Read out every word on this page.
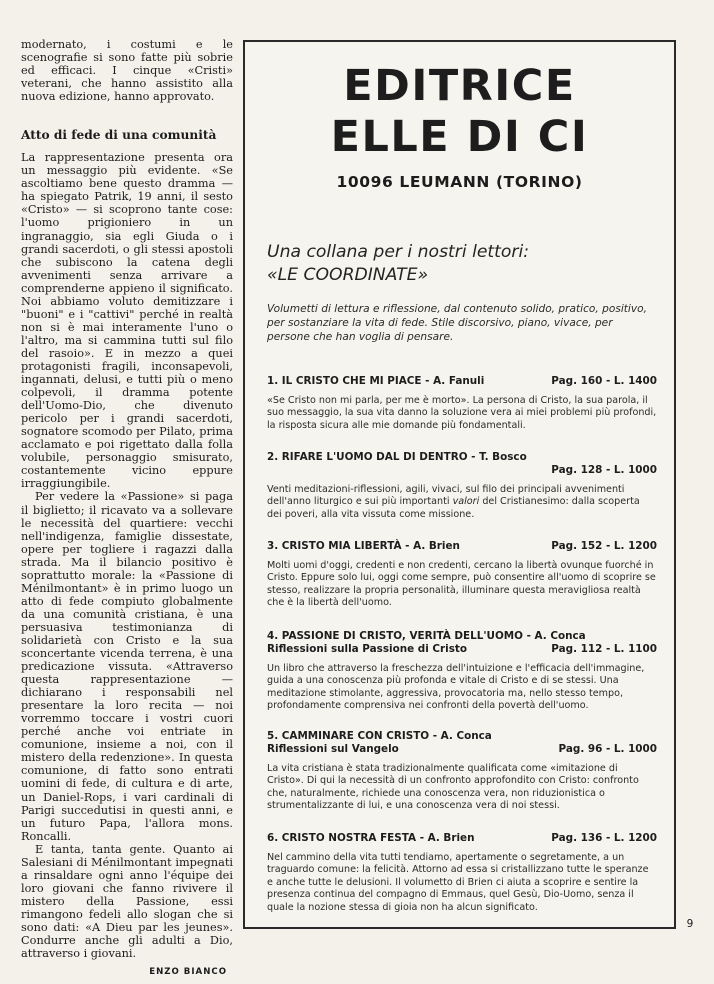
modernato, i costumi e le scenografie si sono fatte più sobrie ed efficaci. I cinque «Cristi» veterani, che hanno assistito alla nuova edizione, hanno approvato.

Atto di fede di una comunità

La rappresentazione presenta ora un messaggio più evidente. «Se ascoltiamo bene questo dramma — ha spiegato Patrik, 19 anni, il sesto «Cristo» — si scoprono tante cose: l'uomo prigioniero in un ingranaggio, sia egli Giuda o i grandi sacerdoti, o gli stessi apostoli che subiscono la catena degli avvenimenti senza arrivare a comprenderne appieno il significato. Noi abbiamo voluto demitizzare i "buoni" e i "cattivi" perché in realtà non si è mai interamente l'uno o l'altro, ma si cammina tutti sul filo del rasoio». E in mezzo a quei protagonisti fragili, inconsapevoli, ingannati, delusi, e tutti più o meno colpevoli, il dramma potente dell'Uomo-Dio, che divenuto pericolo per i grandi sacerdoti, sognatore scomodo per Pilato, prima acclamato e poi rigettato dalla folla volubile, personaggio smisurato, costantemente vicino eppure irraggiungibile.

Per vedere la «Passione» si paga il biglietto; il ricavato va a sollevare le necessità del quartiere: vecchi nell'indigenza, famiglie dissestate, opere per togliere i ragazzi dalla strada. Ma il bilancio positivo è soprattutto morale: la «Passione di Ménilmontant» è in primo luogo un atto di fede compiuto globalmente da una comunità cristiana, è una persuasiva testimonianza di solidarietà con Cristo e la sua sconcertante vicenda terrena, è una predicazione vissuta. «Attraverso questa rappresentazione — dichiarano i responsabili nel presentare la loro recita — noi vorremmo toccare i vostri cuori perché anche voi entriate in comunione, insieme a noi, con il mistero della redenzione». In questa comunione, di fatto sono entrati uomini di fede, di cultura e di arte, un Daniel-Rops, i vari cardinali di Parigi succedutisi in questi anni, e un futuro Papa, l'allora mons. Roncalli.

E tanta, tanta gente. Quanto ai Salesiani di Ménilmontant impegnati a rinsaldare ogni anno l'équipe dei loro giovani che fanno rivivere il mistero della Passione, essi rimangono fedeli allo slogan che si sono dati: «A Dieu par les jeunes». Condurre anche gli adulti a Dio, attraverso i giovani.

ENZO BIANCO
EDITRICE
ELLE DI CI
10096 LEUMANN (TORINO)
Una collana per i nostri lettori:
«LE COORDINATE»
Volumetti di lettura e riflessione, dal contenuto solido, pratico, positivo, per sostanziare la vita di fede. Stile discorsivo, piano, vivace, per persone che han voglia di pensare.
1. IL CRISTO CHE MI PIACE - A. Fanuli	Pag. 160 - L. 1400
«Se Cristo non mi parla, per me è morto». La persona di Cristo, la sua parola, il suo messaggio, la sua vita danno la soluzione vera ai miei problemi più profondi, la risposta sicura alle mie domande più fondamentali.
2. RIFARE L'UOMO DAL DI DENTRO - T. Bosco
Pag. 128 - L. 1000
Venti meditazioni-riflessioni, agili, vivaci, sul filo dei principali avvenimenti dell'anno liturgico e sui più importanti valori del Cristianesimo: dalla scoperta dei poveri, alla vita vissuta come missione.
3. CRISTO MIA LIBERTÀ - A. Brien	Pag. 152 - L. 1200
Molti uomi d'oggi, credenti e non credenti, cercano la libertà ovunque fuorché in Cristo. Eppure solo lui, oggi come sempre, può consentire all'uomo di scoprire se stesso, realizzare la propria personalità, illuminare questa meravigliosa realtà che è la libertà dell'uomo.
4. PASSIONE DI CRISTO, VERITÀ DELL'UOMO - A. Conca
Riflessioni sulla Passione di Cristo	Pag. 112 - L. 1100
Un libro che attraverso la freschezza dell'intuizione e l'efficacia dell'immagine, guida a una conoscenza più profonda e vitale di Cristo e di se stessi. Una meditazione stimolante, aggressiva, provocatoria ma, nello stesso tempo, profondamente comprensiva nei confronti della povertà dell'uomo.
5. CAMMINARE CON CRISTO - A. Conca
Riflessioni sul Vangelo	Pag. 96 - L. 1000
La vita cristiana è stata tradizionalmente qualificata come «imitazione di Cristo». Di qui la necessità di un confronto approfondito con Cristo: confronto che, naturalmente, richiede una conoscenza vera, non riduzionistica o strumentalizzante di lui, e una conoscenza vera di noi stessi.
6. CRISTO NOSTRA FESTA - A. Brien	Pag. 136 - L. 1200
Nel cammino della vita tutti tendiamo, apertamente o segretamente, a un traguardo comune: la felicità. Attorno ad essa si cristallizzano tutte le speranze e anche tutte le delusioni. Il volumetto di Brien ci aiuta a scoprire e sentire la presenza continua del compagno di Emmaus, quel Gesù, Dio-Uomo, senza il quale la nozione stessa di gioia non ha alcun significato.
9
